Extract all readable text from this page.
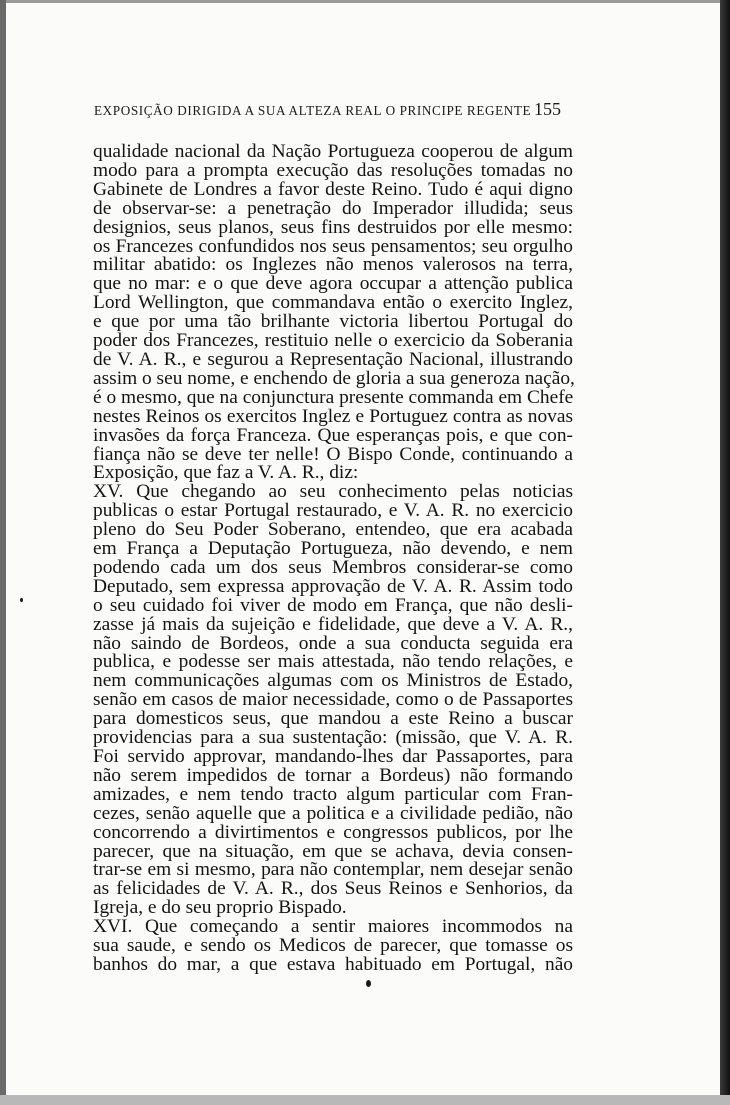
EXPOSIÇÃO DIRIGIDA A SUA ALTEZA REAL O PRINCIPE REGENTE 155
qualidade nacional da Nação Portugueza cooperou de algum
modo para a prompta execução das resoluções tomadas no
Gabinete de Londres a favor deste Reino. Tudo é aqui digno
de observar-se: a penetração do Imperador illudida; seus
designios, seus planos, seus fins destruidos por elle mesmo:
os Francezes confundidos nos seus pensamentos; seu orgulho
militar abatido: os Inglezes não menos valerosos na terra,
que no mar: e o que deve agora occupar a attenção publica
Lord Wellington, que commandava então o exercito Inglez,
e que por uma tão brilhante victoria libertou Portugal do
poder dos Francezes, restituio nelle o exercicio da Soberania
de V. A. R., e segurou a Representação Nacional, illustrando
assim o seu nome, e enchendo de gloria a sua generoza nação,
é o mesmo, que na conjunctura presente commanda em Chefe
nestes Reinos os exercitos Inglez e Portuguez contra as novas
invasões da força Franceza. Que esperanças pois, e que con-
fiança não se deve ter nelle! O Bispo Conde, continuando a
Exposição, que faz a V. A. R., diz:
XV. Que chegando ao seu conhecimento pelas noticias
publicas o estar Portugal restaurado, e V. A. R. no exercicio
pleno do Seu Poder Soberano, entendeo, que era acabada
em França a Deputação Portugueza, não devendo, e nem
podendo cada um dos seus Membros considerar-se como
Deputado, sem expressa approvação de V. A. R. Assim todo
o seu cuidado foi viver de modo em França, que não desli-
zasse já mais da sujeição e fidelidade, que deve a V. A. R.,
não saindo de Bordeos, onde a sua conducta seguida era
publica, e podesse ser mais attestada, não tendo relações, e
nem communicações algumas com os Ministros de Estado,
senão em casos de maior necessidade, como o de Passaportes
para domesticos seus, que mandou a este Reino a buscar
providencias para a sua sustentação: (missão, que V. A. R.
Foi servido approvar, mandando-lhes dar Passaportes, para
não serem impedidos de tornar a Bordeus) não formando
amizades, e nem tendo tracto algum particular com Fran-
cezes, senão aquelle que a politica e a civilidade pedião, não
concorrendo a divirtimentos e congressos publicos, por lhe
parecer, que na situação, em que se achava, devia consen-
trar-se em si mesmo, para não contemplar, nem desejar senão
as felicidades de V. A. R., dos Seus Reinos e Senhorios, da
Igreja, e do seu proprio Bispado.
XVI. Que começando a sentir maiores incommodos na
sua saude, e sendo os Medicos de parecer, que tomasse os
banhos do mar, a que estava habituado em Portugal, não
